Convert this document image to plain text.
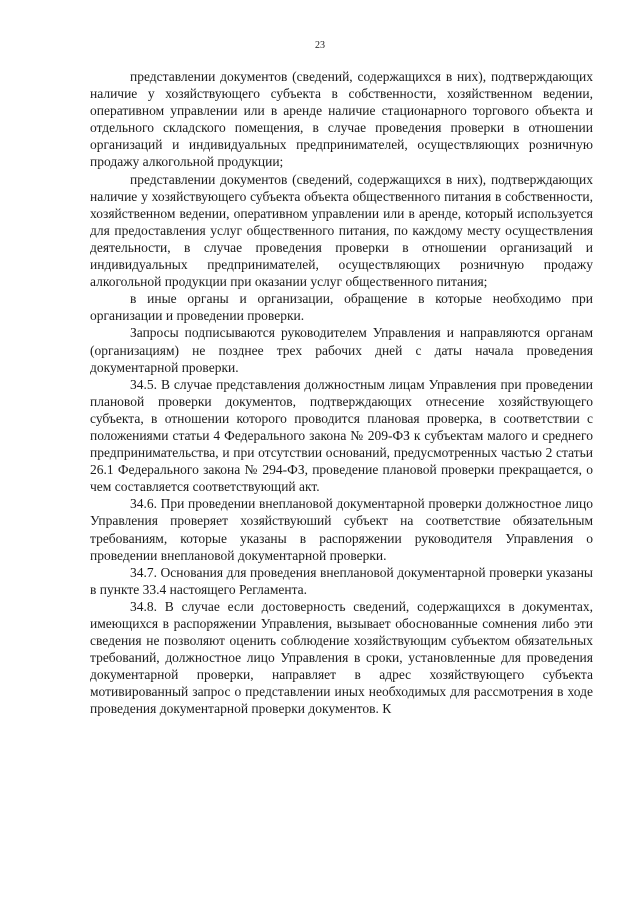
23

представлении документов (сведений, содержащихся в них), подтверждающих наличие у хозяйствующего субъекта в собственности, хозяйственном ведении, оперативном управлении или в аренде наличие стационарного торгового объекта и отдельного складского помещения, в случае проведения проверки в отношении организаций и индивидуальных предпринимателей, осуществляющих розничную продажу алкогольной продукции;

представлении документов (сведений, содержащихся в них), подтверждающих наличие у хозяйствующего субъекта объекта общественного питания в собственности, хозяйственном ведении, оперативном управлении или в аренде, который используется для предоставления услуг общественного питания, по каждому месту осуществления деятельности, в случае проведения проверки в отношении организаций и индивидуальных предпринимателей, осуществляющих розничную продажу алкогольной продукции при оказании услуг общественного питания;

в иные органы и организации, обращение в которые необходимо при организации и проведении проверки.

Запросы подписываются руководителем Управления и направляются органам (организациям) не позднее трех рабочих дней с даты начала проведения документарной проверки.

34.5. В случае представления должностным лицам Управления при проведении плановой проверки документов, подтверждающих отнесение хозяйствующего субъекта, в отношении которого проводится плановая проверка, в соответствии с положениями статьи 4 Федерального закона № 209-ФЗ к субъектам малого и среднего предпринимательства, и при отсутствии оснований, предусмотренных частью 2 статьи 26.1 Федерального закона № 294-ФЗ, проведение плановой проверки прекращается, о чем составляется соответствующий акт.

34.6. При проведении внеплановой документарной проверки должностное лицо Управления проверяет хозяйствуюший субъект на соответствие обязательным требованиям, которые указаны в распоряжении руководителя Управления о проведении внеплановой документарной проверки.

34.7. Основания для проведения внеплановой документарной проверки указаны в пункте 33.4 настоящего Регламента.

34.8. В случае если достоверность сведений, содержащихся в документах, имеющихся в распоряжении Управления, вызывает обоснованные сомнения либо эти сведения не позволяют оценить соблюдение хозяйствующим субъектом обязательных требований, должностное лицо Управления в сроки, установленные для проведения документарной проверки, направляет в адрес хозяйствующего субъекта мотивированный запрос о представлении иных необходимых для рассмотрения в ходе проведения документарной проверки документов. К
